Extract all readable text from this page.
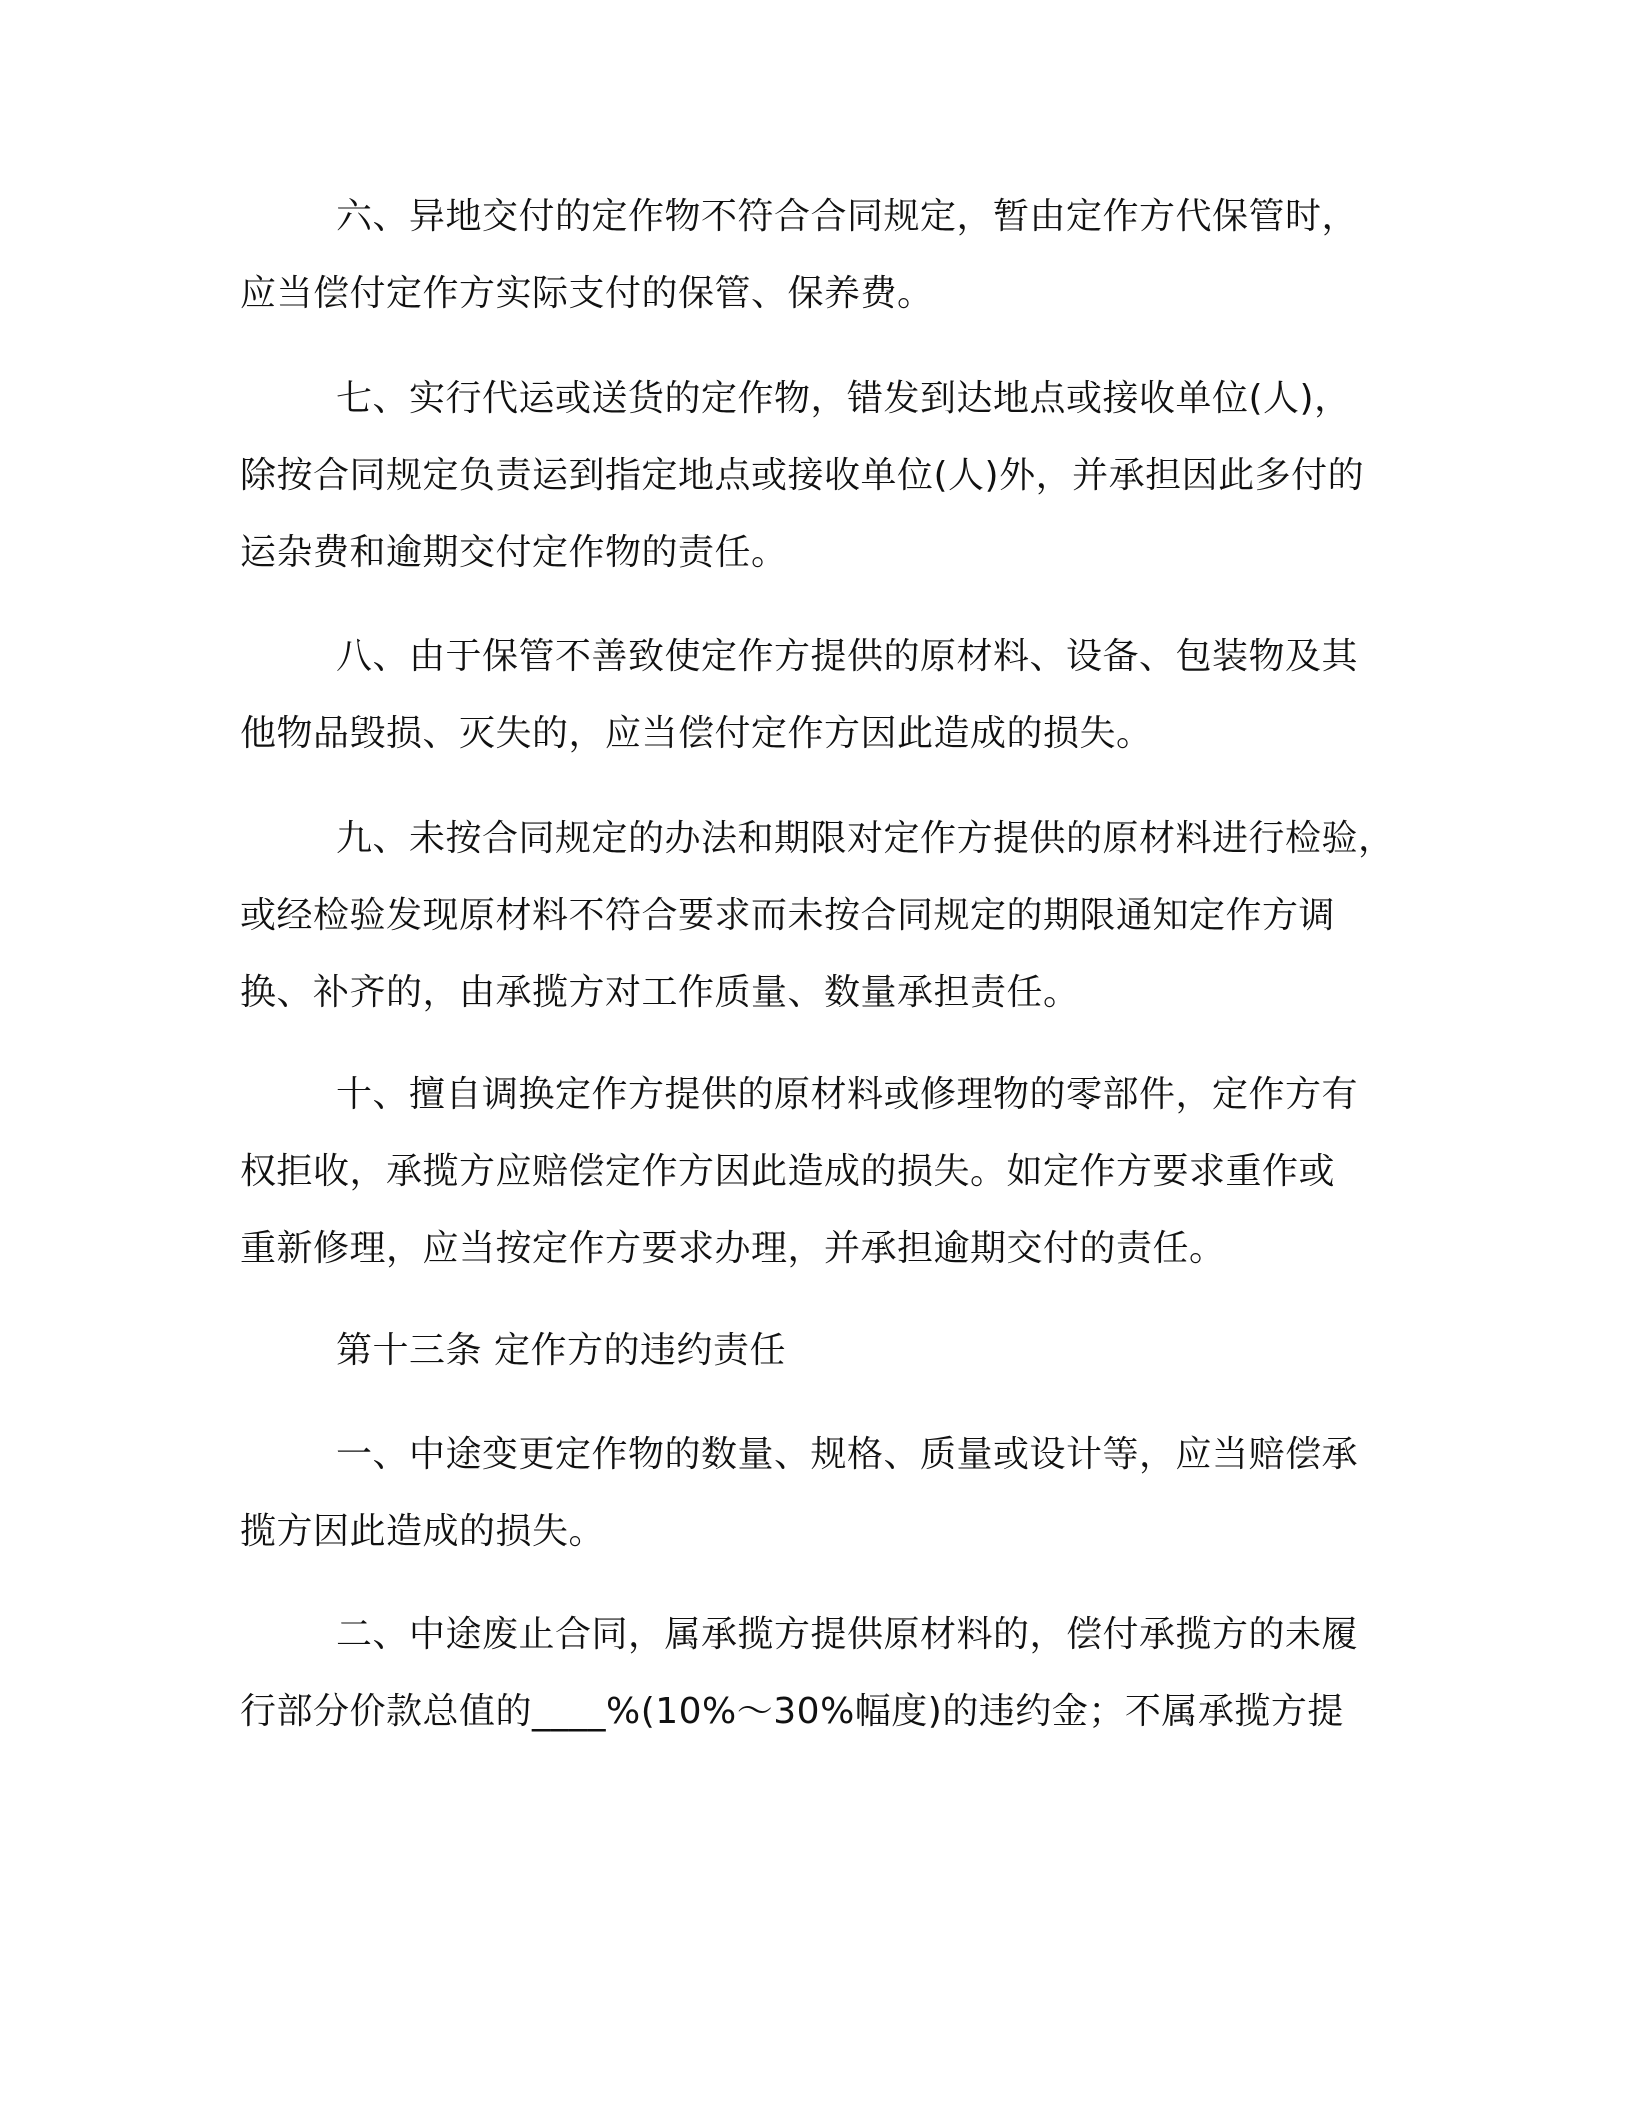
六、异地交付的定作物不符合合同规定，暂由定作方代保管时，
应当偿付定作方实际支付的保管、保养费。
七、实行代运或送货的定作物，错发到达地点或接收单位(人)，
除按合同规定负责运到指定地点或接收单位(人)外，并承担因此多付的
运杂费和逾期交付定作物的责任。
八、由于保管不善致使定作方提供的原材料、设备、包装物及其
他物品毁损、灭失的，应当偿付定作方因此造成的损失。
九、未按合同规定的办法和期限对定作方提供的原材料进行检验，
或经检验发现原材料不符合要求而未按合同规定的期限通知定作方调
换、补齐的，由承揽方对工作质量、数量承担责任。
十、擅自调换定作方提供的原材料或修理物的零部件，定作方有
权拒收，承揽方应赔偿定作方因此造成的损失。如定作方要求重作或
重新修理，应当按定作方要求办理，并承担逾期交付的责任。
第十三条 定作方的违约责任
一、中途变更定作物的数量、规格、质量或设计等，应当赔偿承
揽方因此造成的损失。
二、中途废止合同，属承揽方提供原材料的，偿付承揽方的未履
行部分价款总值的____%(10%～30%幅度)的违约金；不属承揽方提
